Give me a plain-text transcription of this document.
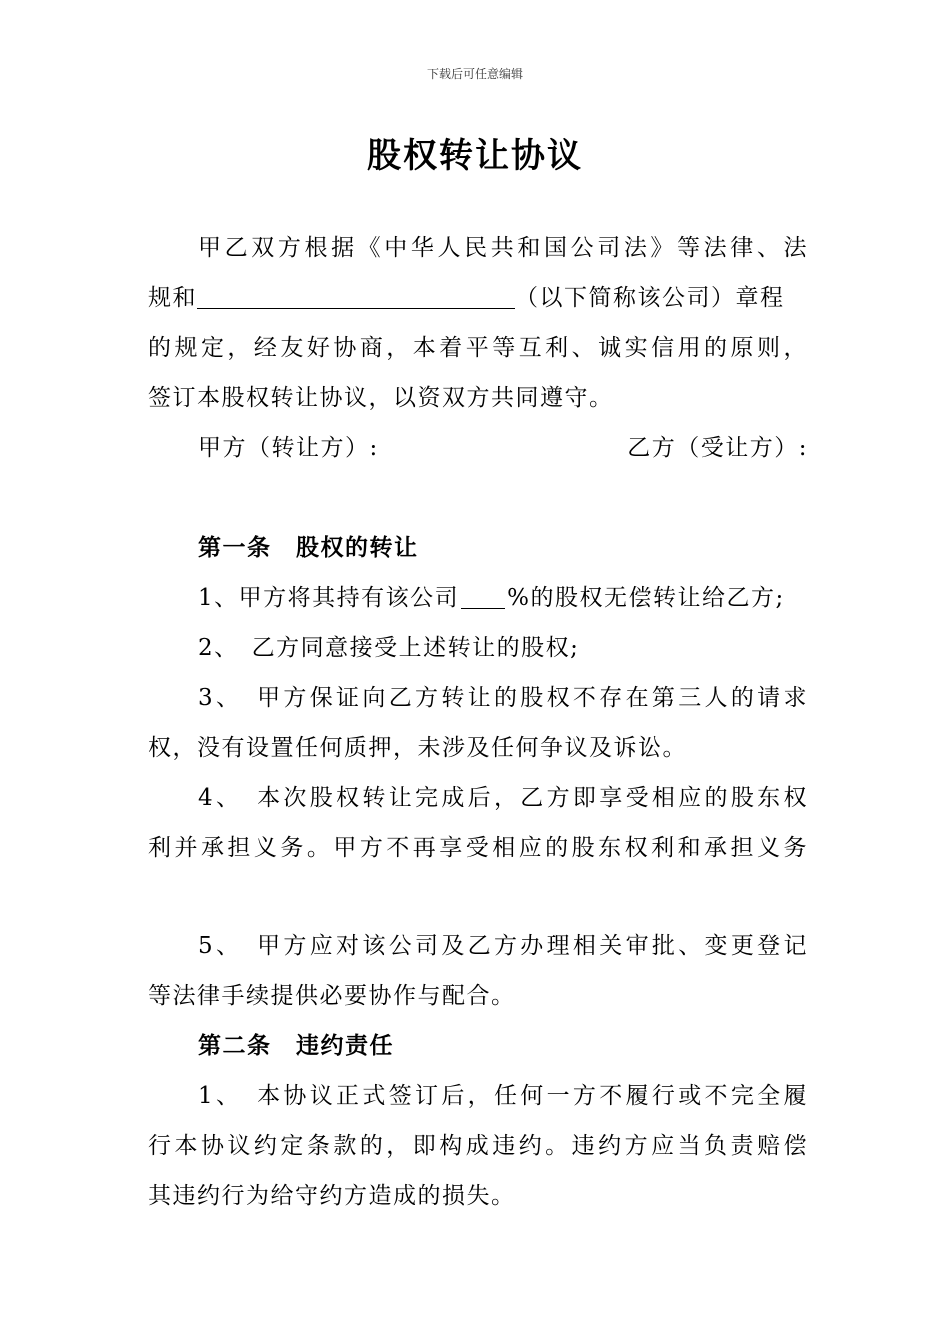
下载后可任意编辑
股权转让协议
甲乙双方根据《中华人民共和国公司法》等法律、法
规和	（以下简称该公司）章程
的规定，经友好协商，本着平等互利、诚实信用的原则，
签订本股权转让协议，以资双方共同遵守。
甲方（转让方）:	乙方（受让方）:
第一条　股权的转让
1、甲方将其持有该公司 %的股权无偿转让给乙方;
2、　乙方同意接受上述转让的股权;
3、　甲方保证向乙方转让的股权不存在第三人的请求
权，没有设置任何质押，未涉及任何争议及诉讼。
4、　本次股权转让完成后，乙方即享受相应的股东权
利并承担义务。甲方不再享受相应的股东权利和承担义务
5、　甲方应对该公司及乙方办理相关审批、变更登记
等法律手续提供必要协作与配合。
第二条　违约责任
1、　本协议正式签订后，任何一方不履行或不完全履
行本协议约定条款的，即构成违约。违约方应当负责赔偿
其违约行为给守约方造成的损失。
